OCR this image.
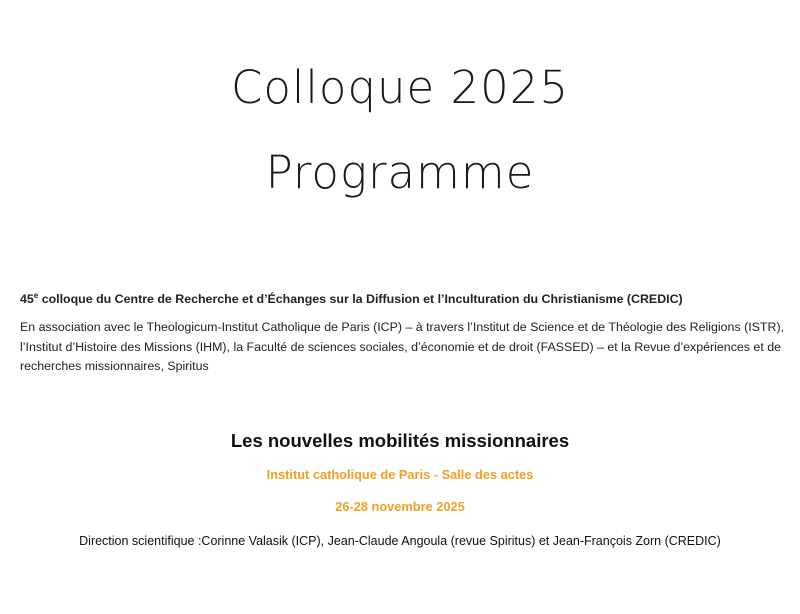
Colloque 2025
Programme

45e colloque du Centre de Recherche et d’Échanges sur la Diffusion et l’Inculturation du Christianisme (CREDIC)

En association avec le Theologicum-Institut Catholique de Paris (ICP) – à travers l’Institut de Science et de Théologie des Religions (ISTR), l’Institut d’Histoire des Missions (IHM), la Faculté de sciences sociales, d’économie et de droit (FASSED) – et la Revue d’expériences et de recherches missionnaires, Spiritus

Les nouvelles mobilités missionnaires

Institut catholique de Paris - Salle des actes

26-28 novembre 2025

Direction scientifique :Corinne Valasik (ICP), Jean-Claude Angoula (revue Spiritus) et Jean-François Zorn (CREDIC)
